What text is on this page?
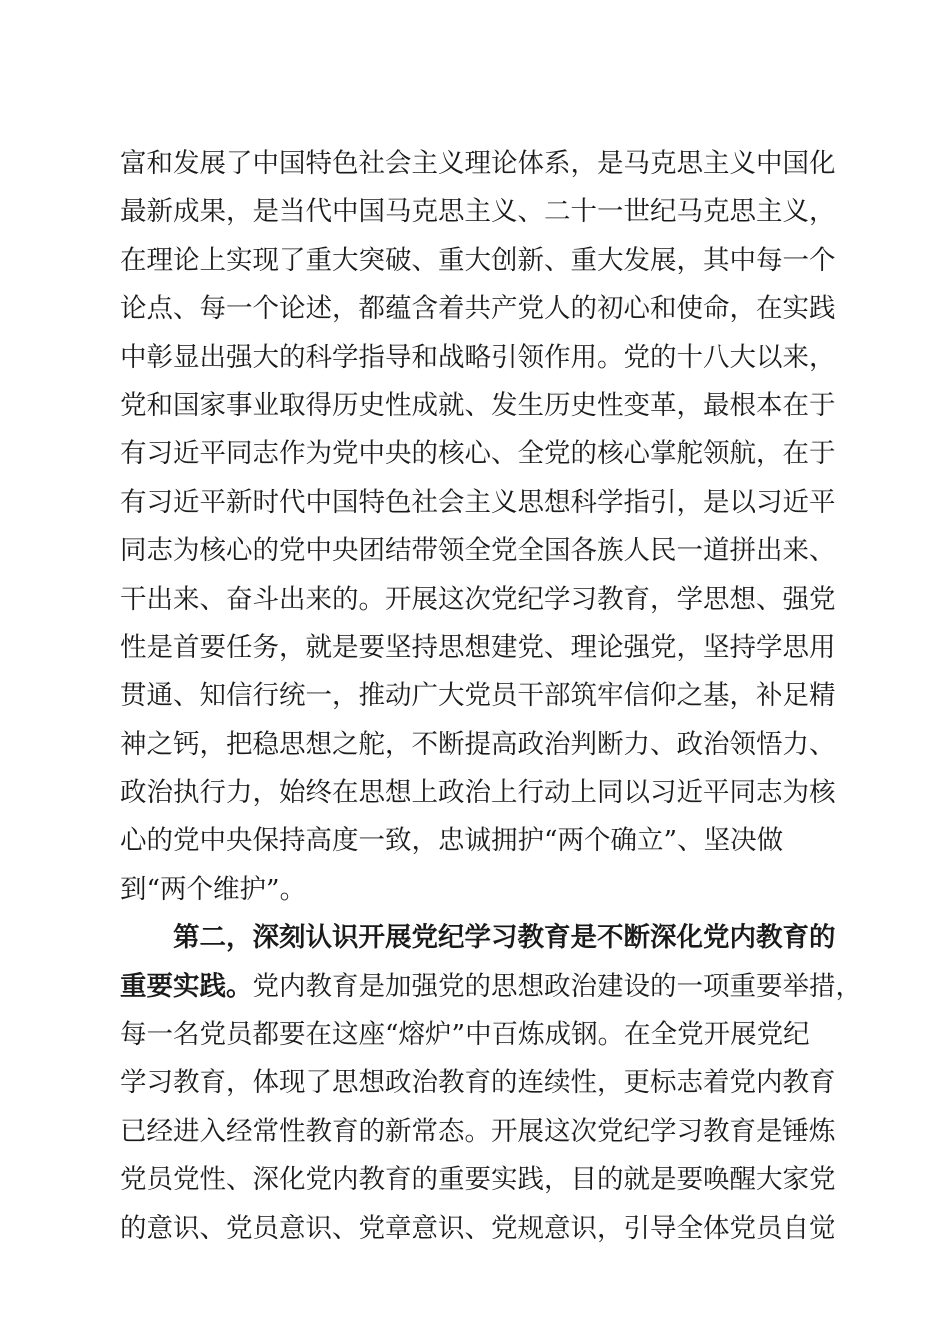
富和发展了中国特色社会主义理论体系，是马克思主义中国化
最新成果，是当代中国马克思主义、二十一世纪马克思主义，
在理论上实现了重大突破、重大创新、重大发展，其中每一个
论点、每一个论述，都蕴含着共产党人的初心和使命，在实践
中彰显出强大的科学指导和战略引领作用。党的十八大以来，
党和国家事业取得历史性成就、发生历史性变革，最根本在于
有习近平同志作为党中央的核心、全党的核心掌舵领航，在于
有习近平新时代中国特色社会主义思想科学指引，是以习近平
同志为核心的党中央团结带领全党全国各族人民一道拼出来、
干出来、奋斗出来的。开展这次党纪学习教育，学思想、强党
性是首要任务，就是要坚持思想建党、理论强党，坚持学思用
贯通、知信行统一，推动广大党员干部筑牢信仰之基，补足精
神之钙，把稳思想之舵，不断提高政治判断力、政治领悟力、
政治执行力，始终在思想上政治上行动上同以习近平同志为核
心的党中央保持高度一致，忠诚拥护“两个确立”、坚决做
到“两个维护”。
第二，深刻认识开展党纪学习教育是不断深化党内教育的
重要实践。党内教育是加强党的思想政治建设的一项重要举措，
每一名党员都要在这座“熔炉”中百炼成钢。在全党开展党纪
学习教育，体现了思想政治教育的连续性，更标志着党内教育
已经进入经常性教育的新常态。开展这次党纪学习教育是锤炼
党员党性、深化党内教育的重要实践，目的就是要唤醒大家党
的意识、党员意识、党章意识、党规意识，引导全体党员自觉
